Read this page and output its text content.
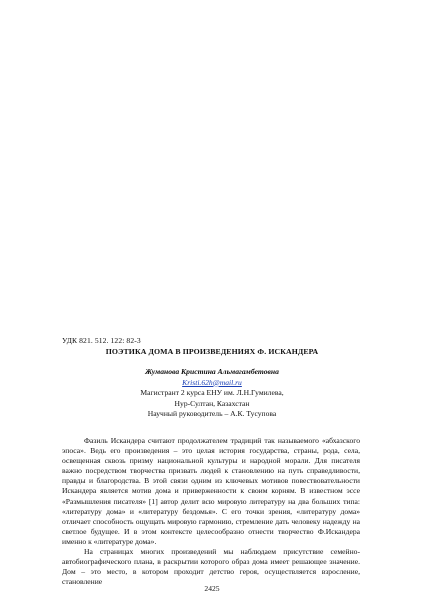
УДК 821. 512. 122: 82-3
ПОЭТИКА ДОМА В ПРОИЗВЕДЕНИЯХ Ф. ИСКАНДЕРА
Жуманова Кристина Альмагамбетовна
Kristi.62h@mail.ru
Магистрант 2 курса ЕНУ им. Л.Н.Гумилева,
Нур-Султан, Казахстан
Научный руководитель – А.К. Тусупова

Фазиль Искандера считают продолжателем традиций так называемого «абхазского эпоса». Ведь его произведения – это целая история государства, страны, рода, села, освещенная сквозь призму национальной культуры и народной морали. Для писателя важно посредством творчества призвать людей к становлению на путь справедливости, правды и благородства. В этой связи одним из ключевых мотивов повествовательности Искандера является мотив дома и приверженности к своим корням. В известном эссе «Размышления писателя» [1] автор делит всю мировую литературу на два больших типа: «литературу дома» и «литературу бездомья». С его точки зрения, «литературу дома» отличает способность ощущать мировую гармонию, стремление дать человеку надежду на светлое будущее. И в этом контексте целесообразно отнести творчество Ф.Искандера именно к «литературе дома».

На страницах многих произведений мы наблюдаем присутствие семейно-автобиографического плана, в раскрытии которого образ дома имеет решающее значение. Дом – это место, в котором проходит детство героя, осуществляется взросление, становление

2425
